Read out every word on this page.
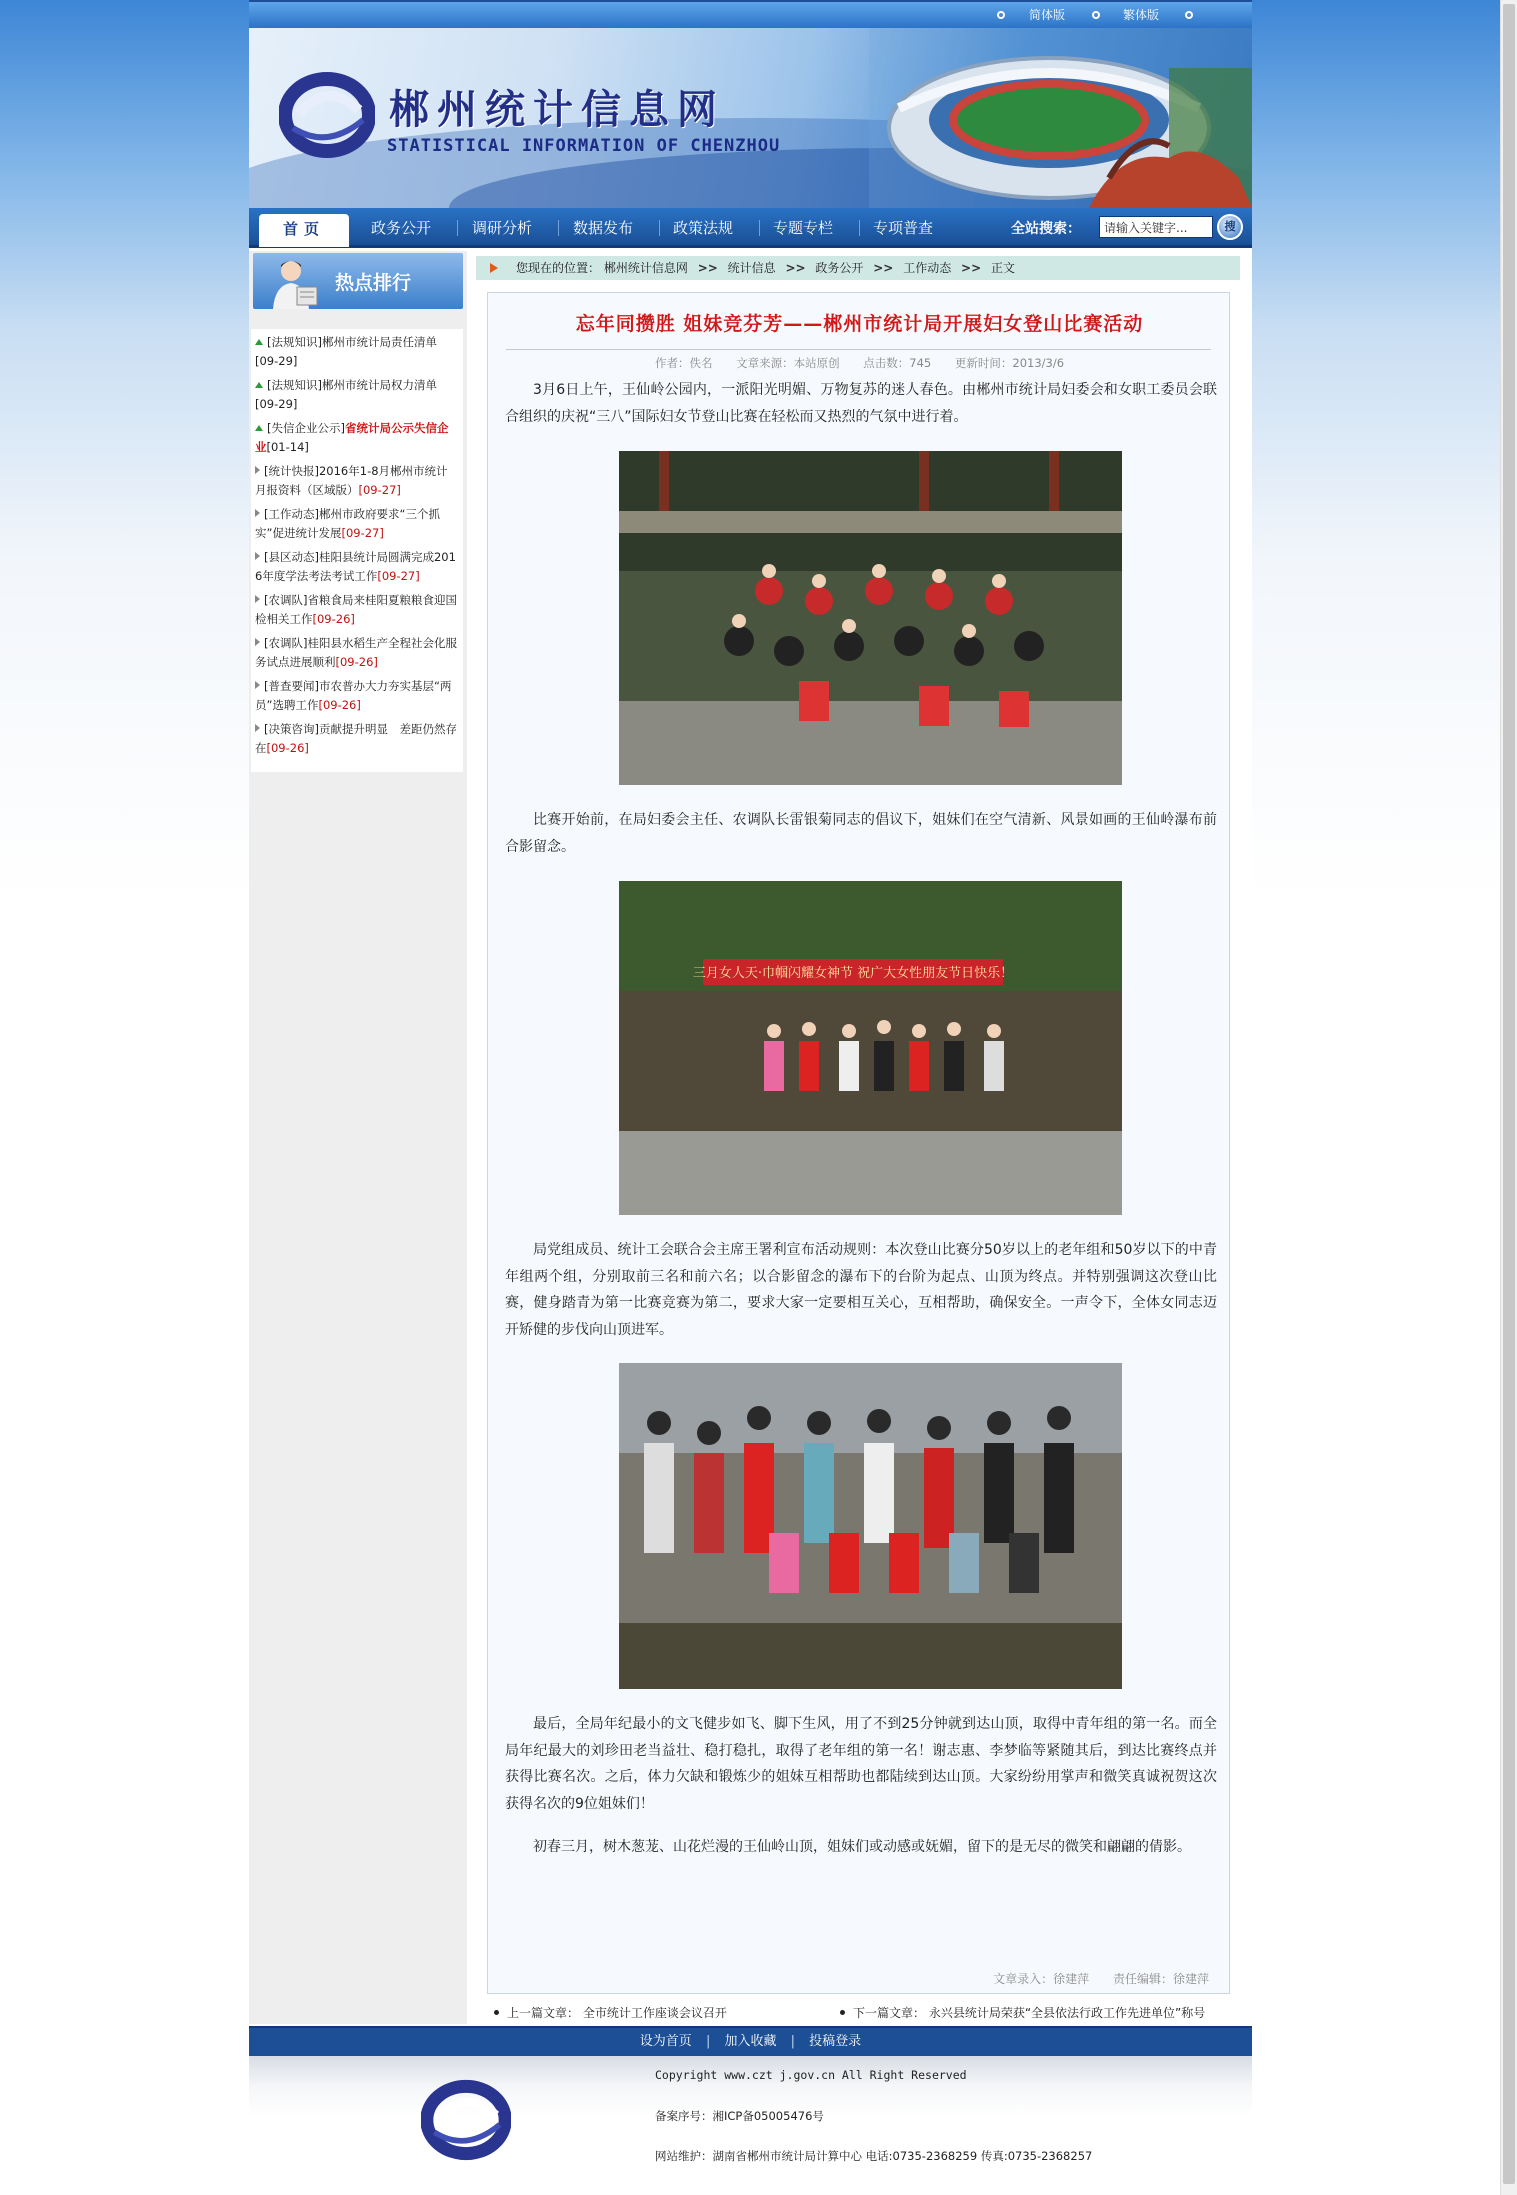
简体版	繁体版
郴州统计信息网
STATISTICAL INFORMATION OF CHENZHOU
首页	政务公开	调研分析	数据发布	政策法规	专题专栏	专项普查	全站搜索：
请输入关键字...	搜
热点排行
[法规知识]郴州市统计局责任清单
[09-29]
[法规知识]郴州市统计局权力清单
[09-29]
[失信企业公示]省统计局公示失信企业[01-14]
[统计快报]2016年1-8月郴州市统计月报资料（区域版）[09-27]
[工作动态]郴州市政府要求“三个抓实”促进统计发展[09-27]
[县区动态]桂阳县统计局圆满完成2016年度学法考法考试工作[09-27]
[农调队]省粮食局来桂阳夏粮粮食迎国检相关工作[09-26]
[农调队]桂阳县水稻生产全程社会化服务试点进展顺利[09-26]
[普查要闻]市农普办大力夯实基层“两员”选聘工作[09-26]
[决策咨询]贡献提升明显　差距仍然存在[09-26]
您现在的位置： 郴州统计信息网 >> 统计信息 >> 政务公开 >> 工作动态 >> 正文
忘年同攒胜 姐妹竞芬芳——郴州市统计局开展妇女登山比赛活动
作者：佚名 文章来源：本站原创 点击数：745 更新时间：2013/3/6
3月6日上午，王仙岭公园内，一派阳光明媚、万物复苏的迷人春色。由郴州市统计局妇委会和女职工委员会联合组织的庆祝“三八”国际妇女节登山比赛在轻松而又热烈的气氛中进行着。
比赛开始前，在局妇委会主任、农调队长雷银菊同志的倡议下，姐妹们在空气清新、风景如画的王仙岭瀑布前合影留念。
三月女人天·巾帼闪耀女神节 祝广大女性朋友节日快乐！
局党组成员、统计工会联合会主席王署利宣布活动规则：本次登山比赛分50岁以上的老年组和50岁以下的中青年组两个组，分别取前三名和前六名；以合影留念的瀑布下的台阶为起点、山顶为终点。并特别强调这次登山比赛，健身踏青为第一比赛竞赛为第二，要求大家一定要相互关心，互相帮助，确保安全。一声令下，全体女同志迈开矫健的步伐向山顶进军。
最后，全局年纪最小的文飞健步如飞、脚下生风，用了不到25分钟就到达山顶，取得中青年组的第一名。而全局年纪最大的刘珍田老当益壮、稳打稳扎，取得了老年组的第一名！谢志惠、李梦临等紧随其后，到达比赛终点并获得比赛名次。之后，体力欠缺和锻炼少的姐妹互相帮助也都陆续到达山顶。大家纷纷用掌声和微笑真诚祝贺这次获得名次的9位姐妹们！
初春三月，树木葱茏、山花烂漫的王仙岭山顶，姐妹们或动感或妩媚，留下的是无尽的微笑和翩翩的倩影。
文章录入：徐建萍 责任编辑：徐建萍
上一篇文章： 全市统计工作座谈会议召开	下一篇文章： 永兴县统计局荣获“全县依法行政工作先进单位”称号
设为首页 | 加入收藏 | 投稿登录
Copyright www.czt j.gov.cn All Right Reserved
备案序号：湘ICP备05005476号
网站维护：湖南省郴州市统计局计算中心 电话:0735-2368259 传真:0735-2368257
